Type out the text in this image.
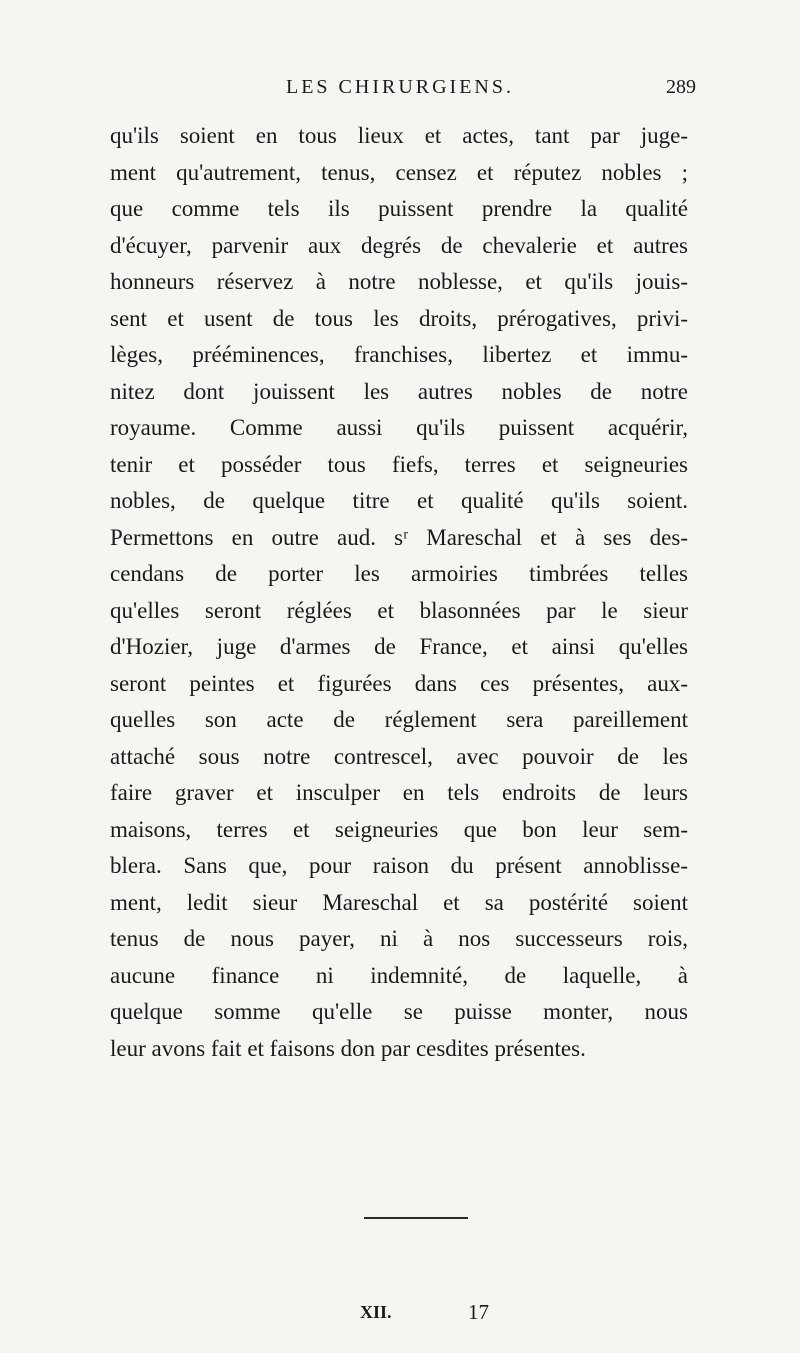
LES CHIRURGIENS.	289
qu'ils soient en tous lieux et actes, tant par juge-
ment qu'autrement, tenus, censez et réputez nobles ;
que comme tels ils puissent prendre la qualité
d'écuyer, parvenir aux degrés de chevalerie et autres
honneurs réservez à notre noblesse, et qu'ils jouis-
sent et usent de tous les droits, prérogatives, privi-
lèges, prééminences, franchises, libertez et immu-
nitez dont jouissent les autres nobles de notre
royaume. Comme aussi qu'ils puissent acquérir,
tenir et posséder tous fiefs, terres et seigneuries
nobles, de quelque titre et qualité qu'ils soient.
Permettons en outre aud. sʳ Mareschal et à ses des-
cendans de porter les armoiries timbrées telles
qu'elles seront réglées et blasonnées par le sieur
d'Hozier, juge d'armes de France, et ainsi qu'elles
seront peintes et figurées dans ces présentes, aux-
quelles son acte de réglement sera pareillement
attaché sous notre contrescel, avec pouvoir de les
faire graver et insculper en tels endroits de leurs
maisons, terres et seigneuries que bon leur sem-
blera. Sans que, pour raison du présent annoblisse-
ment, ledit sieur Mareschal et sa postérité soient
tenus de nous payer, ni à nos successeurs rois,
aucune finance ni indemnité, de laquelle, à
quelque somme qu'elle se puisse monter, nous
leur avons fait et faisons don par cesdites présentes.
XII.	17
